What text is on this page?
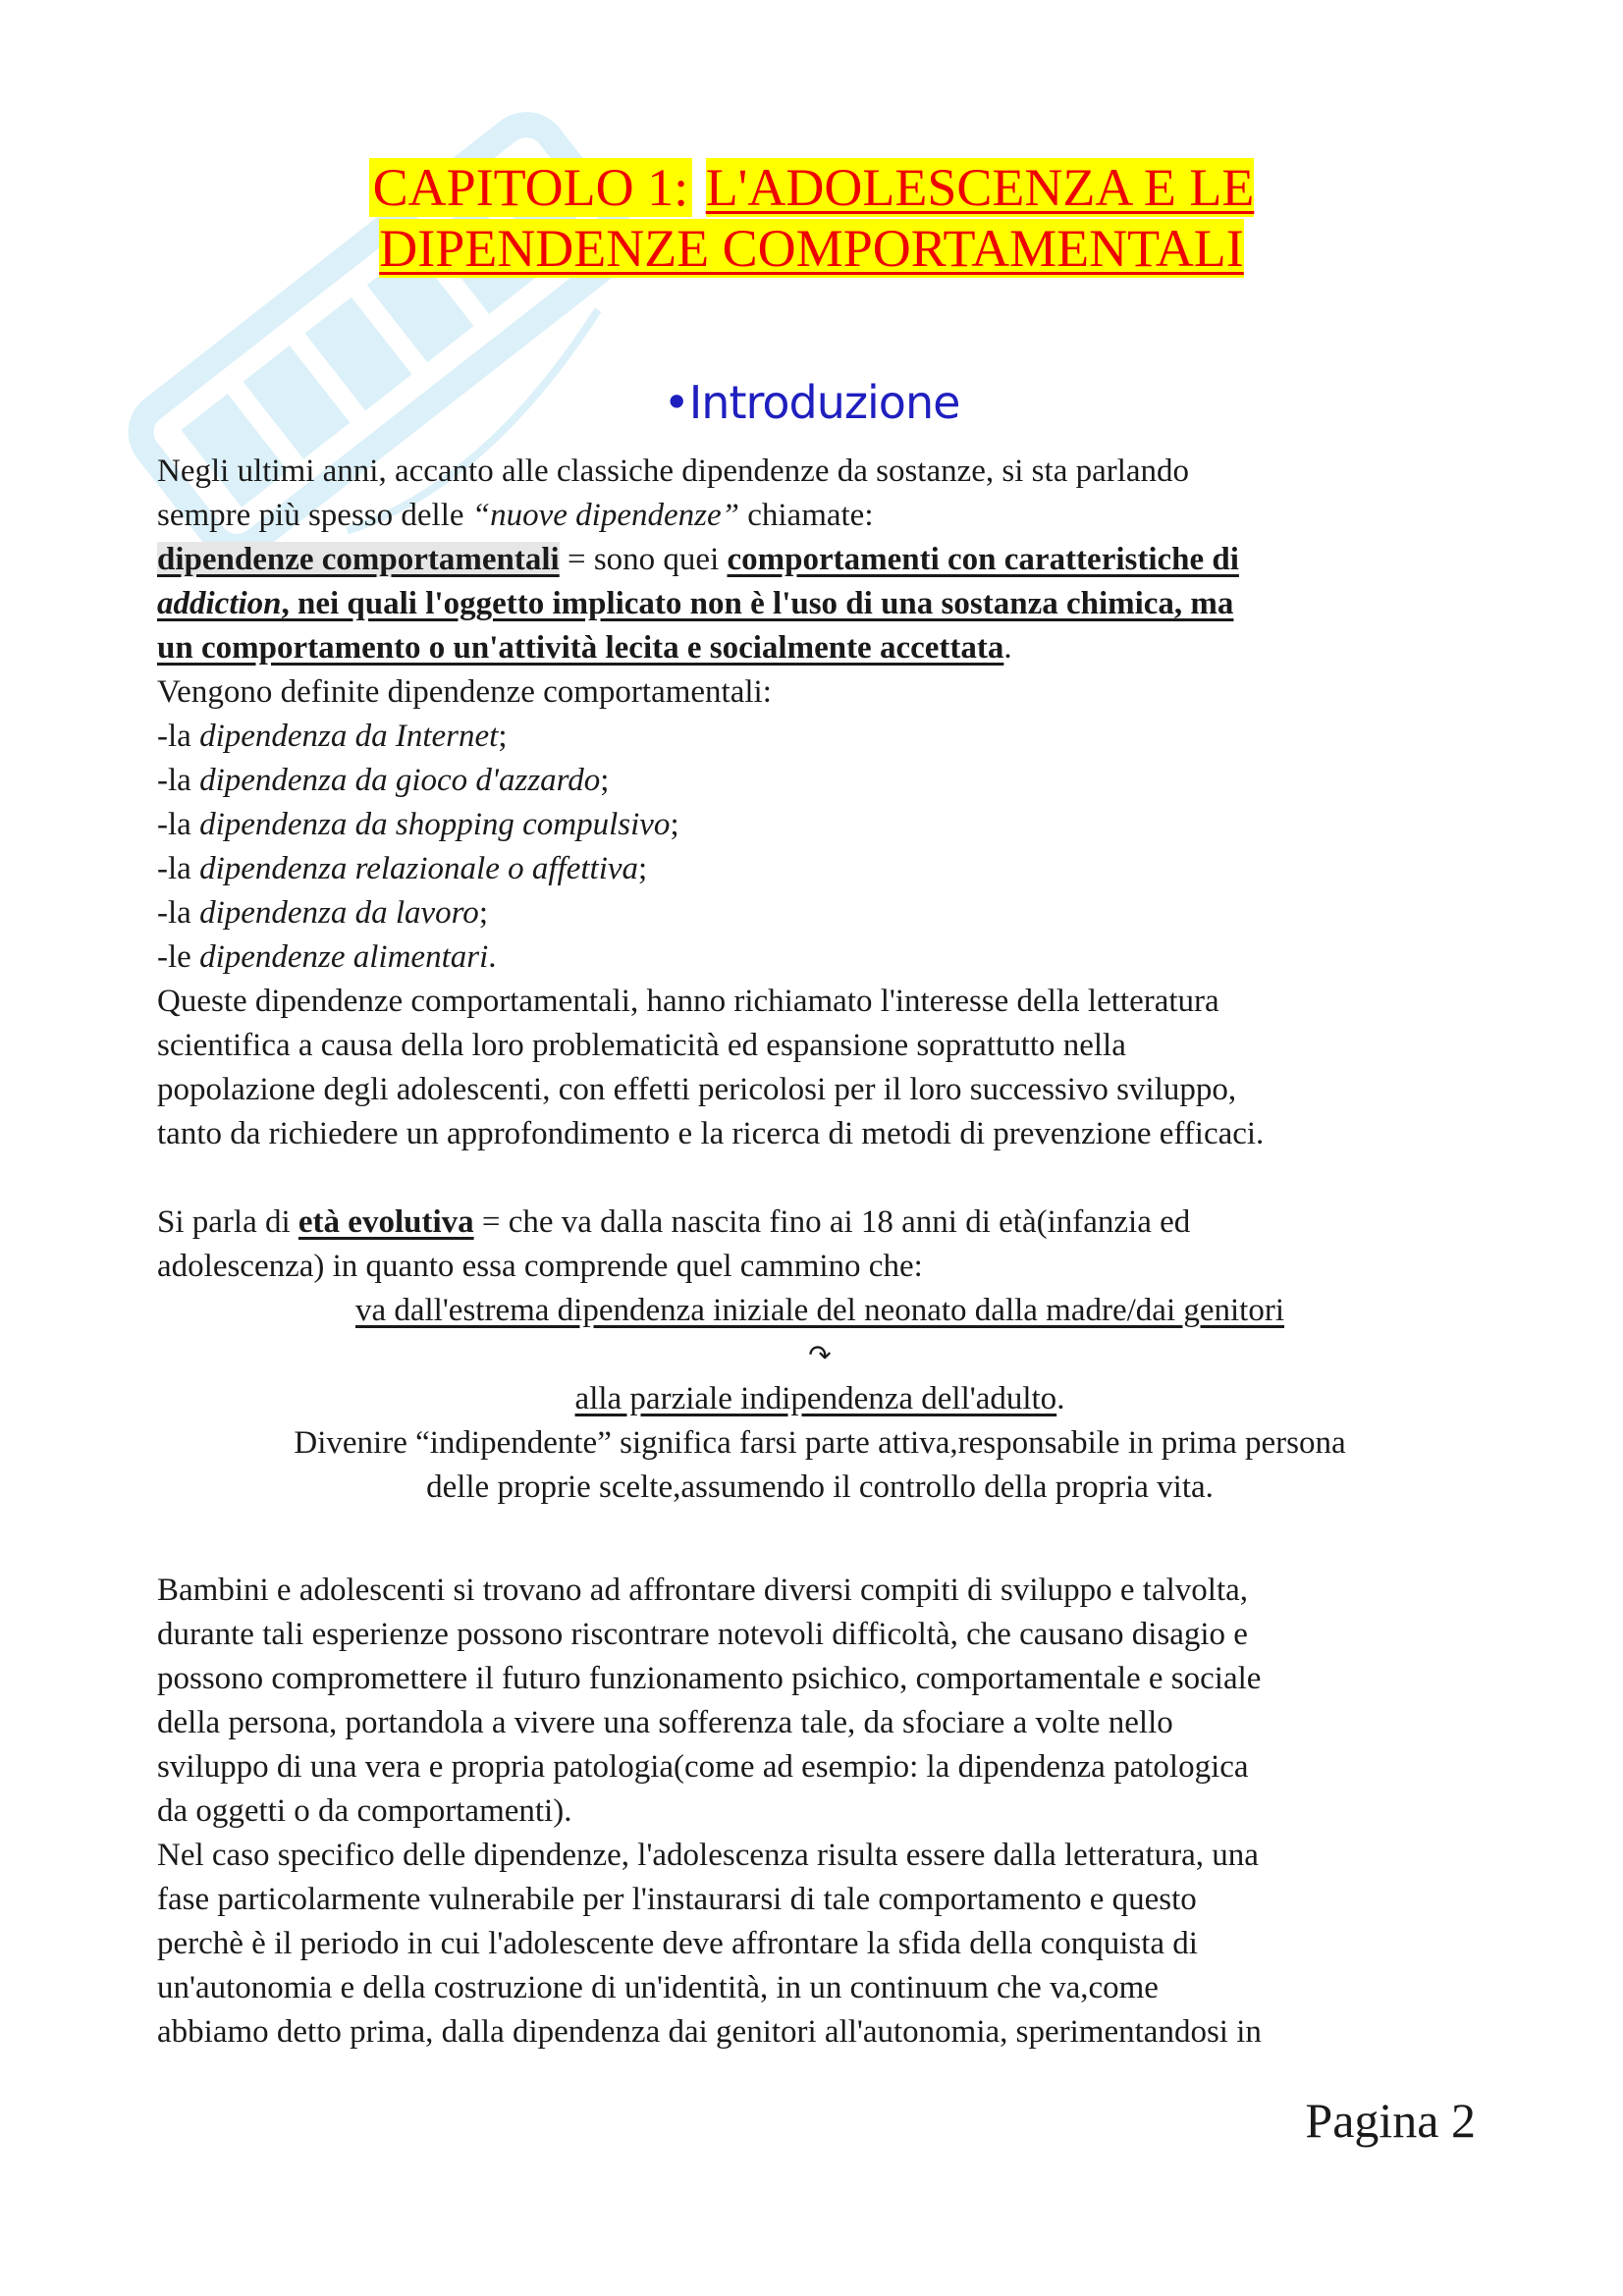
CAPITOLO 1: L'ADOLESCENZA E LE
DIPENDENZE COMPORTAMENTALI
•Introduzione
Negli ultimi anni, accanto alle classiche dipendenze da sostanze, si sta parlando
sempre più spesso delle “nuove dipendenze” chiamate:
dipendenze comportamentali = sono quei comportamenti con caratteristiche di
addiction, nei quali l'oggetto implicato non è l'uso di una sostanza chimica, ma
un comportamento o un'attività lecita e socialmente accettata.
Vengono definite dipendenze comportamentali:
-la dipendenza da Internet;
-la dipendenza da gioco d'azzardo;
-la dipendenza da shopping compulsivo;
-la dipendenza relazionale o affettiva;
-la dipendenza da lavoro;
-le dipendenze alimentari.
Queste dipendenze comportamentali, hanno richiamato l'interesse della letteratura
scientifica a causa della loro problematicità ed espansione soprattutto nella
popolazione degli adolescenti, con effetti pericolosi per il loro successivo sviluppo,
tanto da richiedere un approfondimento e la ricerca di metodi di prevenzione efficaci.
Si parla di età evolutiva = che va dalla nascita fino ai 18 anni di età(infanzia ed
adolescenza) in quanto essa comprende quel cammino che:
va dall'estrema dipendenza iniziale del neonato dalla madre/dai genitori
↷
alla parziale indipendenza dell'adulto.
Divenire “indipendente” significa farsi parte attiva,responsabile in prima persona
delle proprie scelte,assumendo il controllo della propria vita.
Bambini e adolescenti si trovano ad affrontare diversi compiti di sviluppo e talvolta,
durante tali esperienze possono riscontrare notevoli difficoltà, che causano disagio e
possono compromettere il futuro funzionamento psichico, comportamentale e sociale
della persona, portandola a vivere una sofferenza tale, da sfociare a volte nello
sviluppo di una vera e propria patologia(come ad esempio: la dipendenza patologica
da oggetti o da comportamenti).
Nel caso specifico delle dipendenze, l'adolescenza risulta essere dalla letteratura, una
fase particolarmente vulnerabile per l'instaurarsi di tale comportamento e questo
perchè è il periodo in cui l'adolescente deve affrontare la sfida della conquista di
un'autonomia e della costruzione di un'identità, in un continuum che va,come
abbiamo detto prima, dalla dipendenza dai genitori all'autonomia, sperimentandosi in

Pagina 2
